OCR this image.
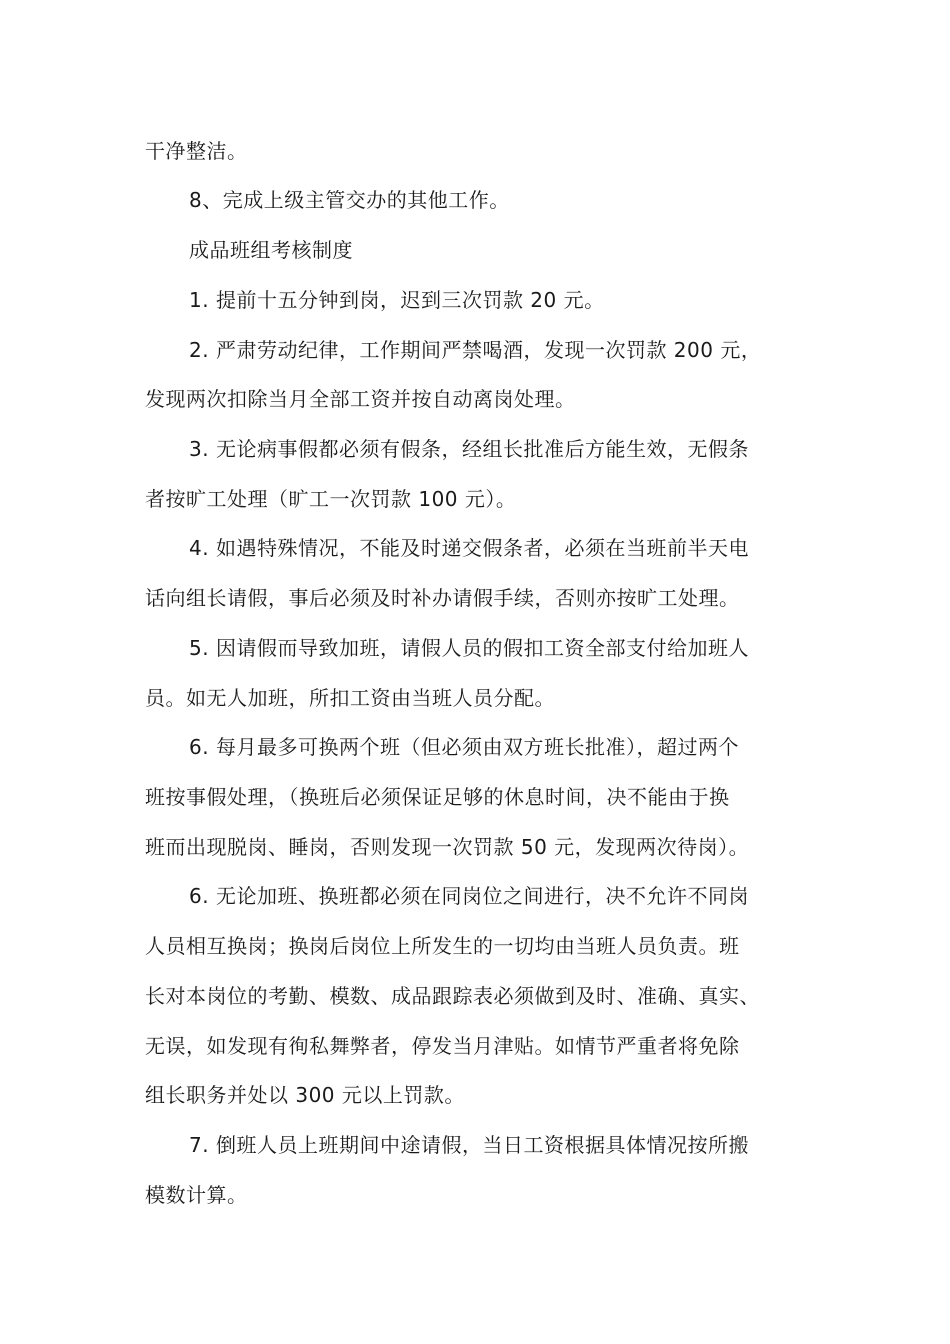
干净整洁。
8、完成上级主管交办的其他工作。
成品班组考核制度
1. 提前十五分钟到岗，迟到三次罚款 20 元。
2. 严肃劳动纪律，工作期间严禁喝酒，发现一次罚款 200 元，
发现两次扣除当月全部工资并按自动离岗处理。
3. 无论病事假都必须有假条，经组长批准后方能生效，无假条
者按旷工处理（旷工一次罚款 100 元）。
4. 如遇特殊情况，不能及时递交假条者，必须在当班前半天电
话向组长请假，事后必须及时补办请假手续，否则亦按旷工处理。
5. 因请假而导致加班，请假人员的假扣工资全部支付给加班人
员。如无人加班，所扣工资由当班人员分配。
6. 每月最多可换两个班（但必须由双方班长批准），超过两个
班按事假处理，（换班后必须保证足够的休息时间，决不能由于换
班而出现脱岗、睡岗，否则发现一次罚款 50 元，发现两次待岗）。
6. 无论加班、换班都必须在同岗位之间进行，决不允许不同岗
人员相互换岗；换岗后岗位上所发生的一切均由当班人员负责。班
长对本岗位的考勤、模数、成品跟踪表必须做到及时、准确、真实、
无误，如发现有徇私舞弊者，停发当月津贴。如情节严重者将免除
组长职务并处以 300 元以上罚款。
7. 倒班人员上班期间中途请假，当日工资根据具体情况按所搬
模数计算。
